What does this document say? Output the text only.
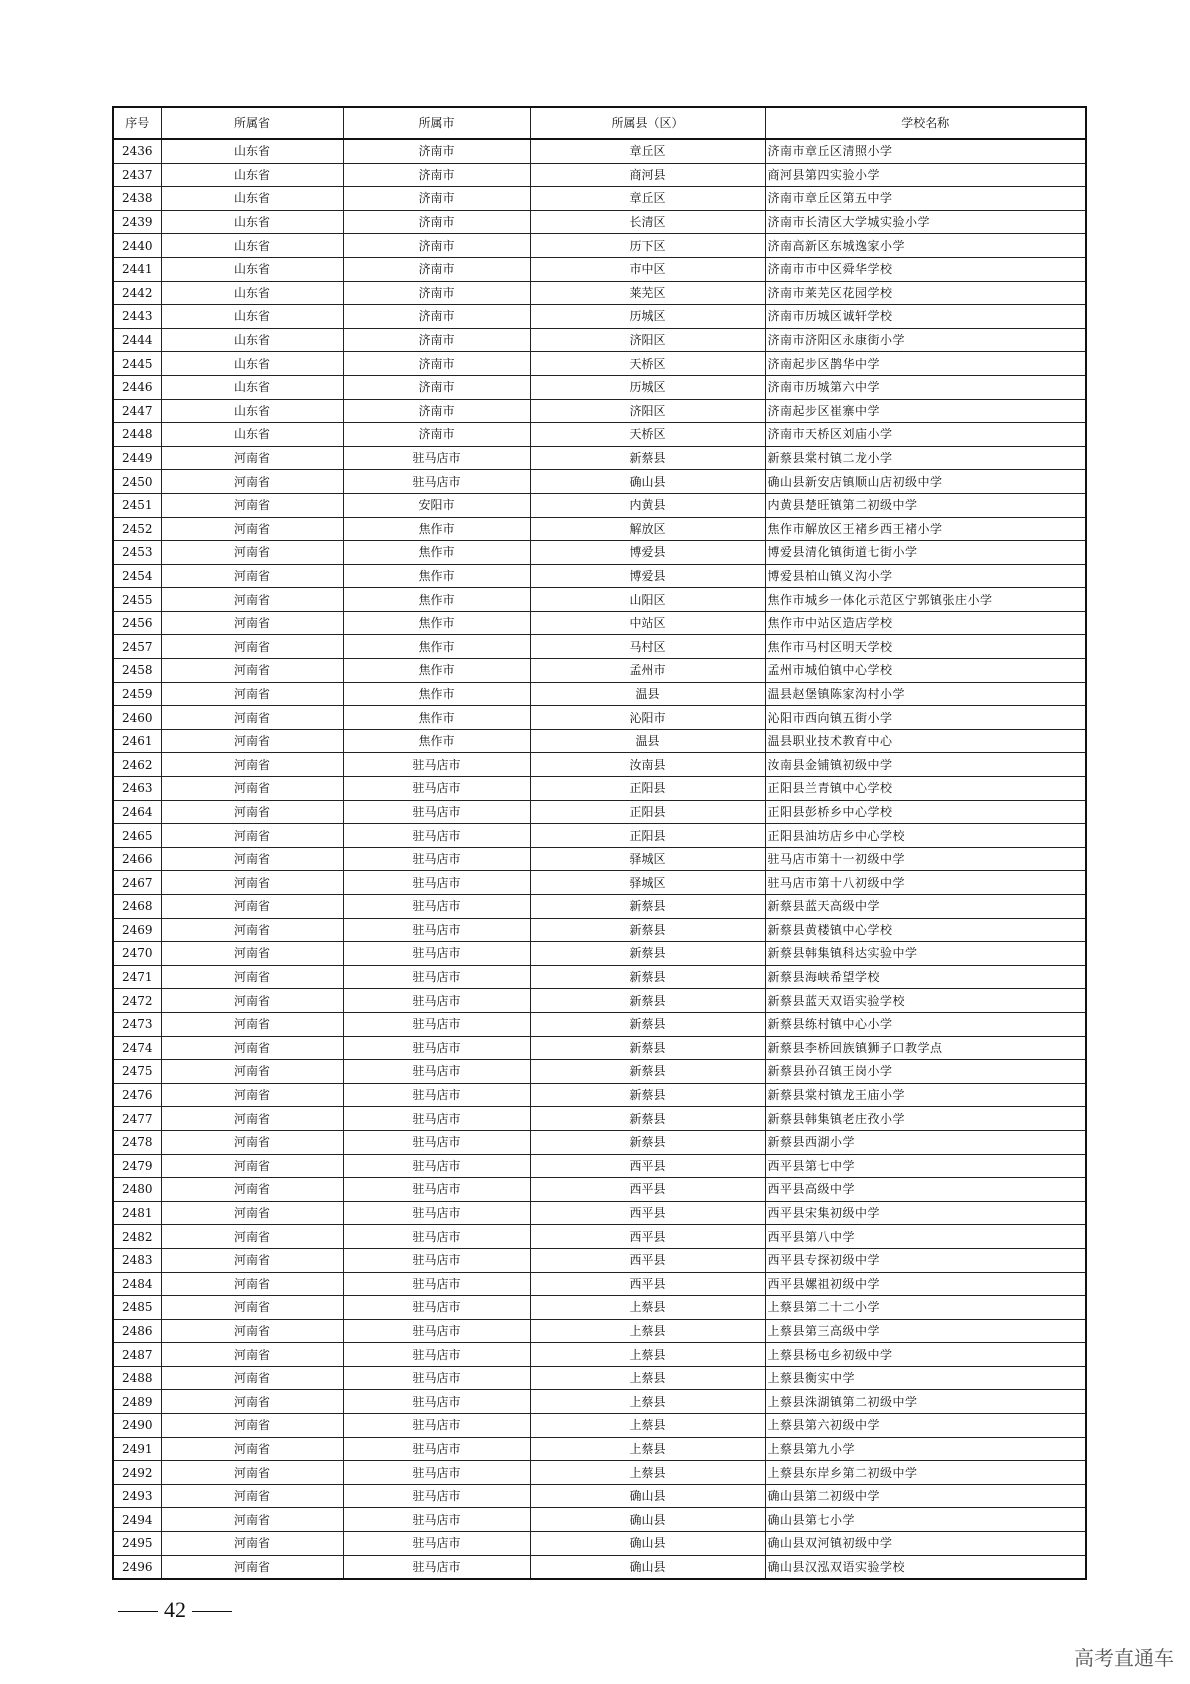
序号	所属省	所属市	所属县（区）	学校名称
2436	山东省	济南市	章丘区	济南市章丘区清照小学
2437	山东省	济南市	商河县	商河县第四实验小学
2438	山东省	济南市	章丘区	济南市章丘区第五中学
2439	山东省	济南市	长清区	济南市长清区大学城实验小学
2440	山东省	济南市	历下区	济南高新区东城逸家小学
2441	山东省	济南市	市中区	济南市市中区舜华学校
2442	山东省	济南市	莱芜区	济南市莱芜区花园学校
2443	山东省	济南市	历城区	济南市历城区诚轩学校
2444	山东省	济南市	济阳区	济南市济阳区永康街小学
2445	山东省	济南市	天桥区	济南起步区鹊华中学
2446	山东省	济南市	历城区	济南市历城第六中学
2447	山东省	济南市	济阳区	济南起步区崔寨中学
2448	山东省	济南市	天桥区	济南市天桥区刘庙小学
2449	河南省	驻马店市	新蔡县	新蔡县棠村镇二龙小学
2450	河南省	驻马店市	确山县	确山县新安店镇顺山店初级中学
2451	河南省	安阳市	内黄县	内黄县楚旺镇第二初级中学
2452	河南省	焦作市	解放区	焦作市解放区王褚乡西王褚小学
2453	河南省	焦作市	博爱县	博爱县清化镇街道七街小学
2454	河南省	焦作市	博爱县	博爱县柏山镇义沟小学
2455	河南省	焦作市	山阳区	焦作市城乡一体化示范区宁郭镇张庄小学
2456	河南省	焦作市	中站区	焦作市中站区造店学校
2457	河南省	焦作市	马村区	焦作市马村区明天学校
2458	河南省	焦作市	孟州市	孟州市城伯镇中心学校
2459	河南省	焦作市	温县	温县赵堡镇陈家沟村小学
2460	河南省	焦作市	沁阳市	沁阳市西向镇五街小学
2461	河南省	焦作市	温县	温县职业技术教育中心
2462	河南省	驻马店市	汝南县	汝南县金铺镇初级中学
2463	河南省	驻马店市	正阳县	正阳县兰青镇中心学校
2464	河南省	驻马店市	正阳县	正阳县彭桥乡中心学校
2465	河南省	驻马店市	正阳县	正阳县油坊店乡中心学校
2466	河南省	驻马店市	驿城区	驻马店市第十一初级中学
2467	河南省	驻马店市	驿城区	驻马店市第十八初级中学
2468	河南省	驻马店市	新蔡县	新蔡县蓝天高级中学
2469	河南省	驻马店市	新蔡县	新蔡县黄楼镇中心学校
2470	河南省	驻马店市	新蔡县	新蔡县韩集镇科达实验中学
2471	河南省	驻马店市	新蔡县	新蔡县海峡希望学校
2472	河南省	驻马店市	新蔡县	新蔡县蓝天双语实验学校
2473	河南省	驻马店市	新蔡县	新蔡县练村镇中心小学
2474	河南省	驻马店市	新蔡县	新蔡县李桥回族镇狮子口教学点
2475	河南省	驻马店市	新蔡县	新蔡县孙召镇王岗小学
2476	河南省	驻马店市	新蔡县	新蔡县棠村镇龙王庙小学
2477	河南省	驻马店市	新蔡县	新蔡县韩集镇老庄孜小学
2478	河南省	驻马店市	新蔡县	新蔡县西湖小学
2479	河南省	驻马店市	西平县	西平县第七中学
2480	河南省	驻马店市	西平县	西平县高级中学
2481	河南省	驻马店市	西平县	西平县宋集初级中学
2482	河南省	驻马店市	西平县	西平县第八中学
2483	河南省	驻马店市	西平县	西平县专探初级中学
2484	河南省	驻马店市	西平县	西平县嫘祖初级中学
2485	河南省	驻马店市	上蔡县	上蔡县第二十二小学
2486	河南省	驻马店市	上蔡县	上蔡县第三高级中学
2487	河南省	驻马店市	上蔡县	上蔡县杨屯乡初级中学
2488	河南省	驻马店市	上蔡县	上蔡县衡实中学
2489	河南省	驻马店市	上蔡县	上蔡县洙湖镇第二初级中学
2490	河南省	驻马店市	上蔡县	上蔡县第六初级中学
2491	河南省	驻马店市	上蔡县	上蔡县第九小学
2492	河南省	驻马店市	上蔡县	上蔡县东岸乡第二初级中学
2493	河南省	驻马店市	确山县	确山县第二初级中学
2494	河南省	驻马店市	确山县	确山县第七小学
2495	河南省	驻马店市	确山县	确山县双河镇初级中学
2496	河南省	驻马店市	确山县	确山县汉泓双语实验学校
42
高考直通车
